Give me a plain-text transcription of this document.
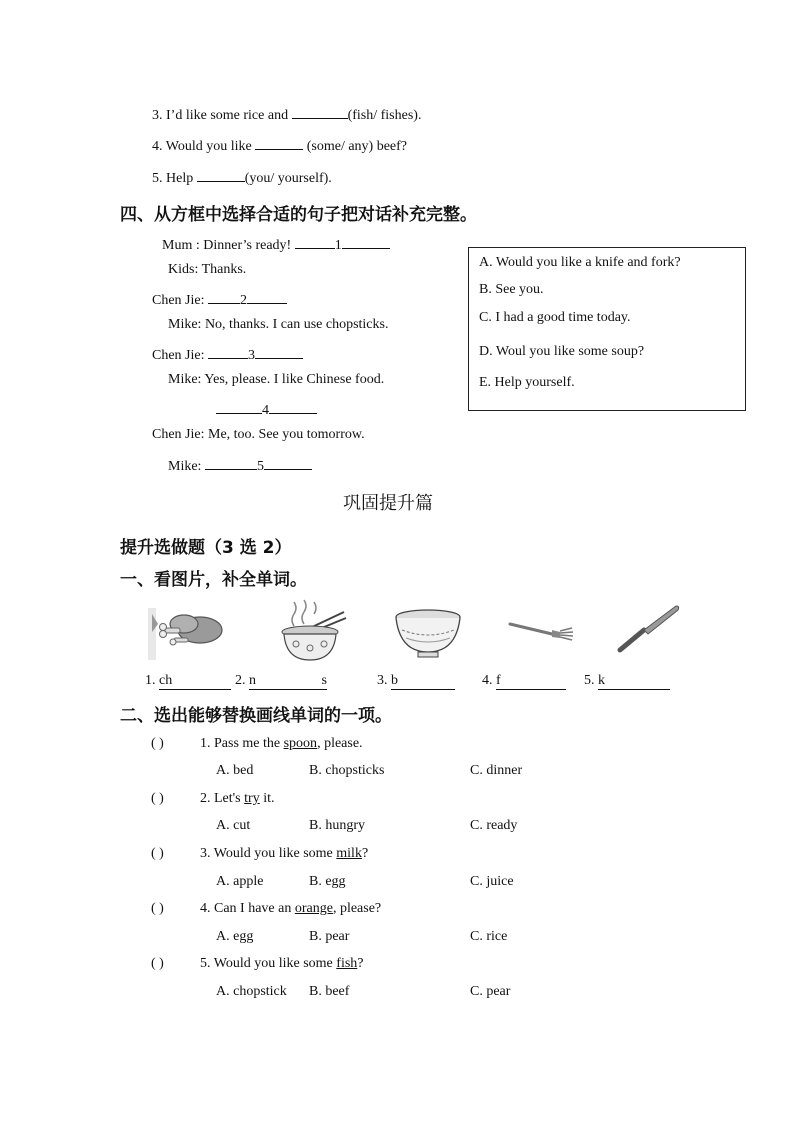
3. I’d like some rice and	(fish/ fishes).
4. Would you like	(some/ any) beef?
5. Help	(you/ yourself).
四、从方框中选择合适的句子把对话补充完整。
Mum : Dinner’s ready!	1
Kids: Thanks.
Chen Jie: 2
Mike: No, thanks. I can use chopsticks.
Chen Jie:	3
Mike: Yes, please. I like Chinese food.
4
Chen Jie: Me, too. See you tomorrow.
Mike:	5
A. Would you like a knife and fork?
B. See you.
C. I had a good time today.
D. Woul you like some soup?
E. Help yourself.
巩固提升篇
提升选做题（3 选 2）
一、看图片，补全单词。
1. ch	2. n	s	3. b	4. f	5. k
二、选出能够替换画线单词的一项。
( )	1. Pass me the spoon, please.
A. bed	B. chopsticks	C. dinner
( )	2. Let's try it.
A. cut	B. hungry	C. ready
( )	3. Would you like some milk?
A. apple	B. egg	C. juice
( )	4. Can I have an orange, please?
A. egg	B. pear	C. rice
( )	5. Would you like some fish?
A. chopstick B. beef	C. pear
